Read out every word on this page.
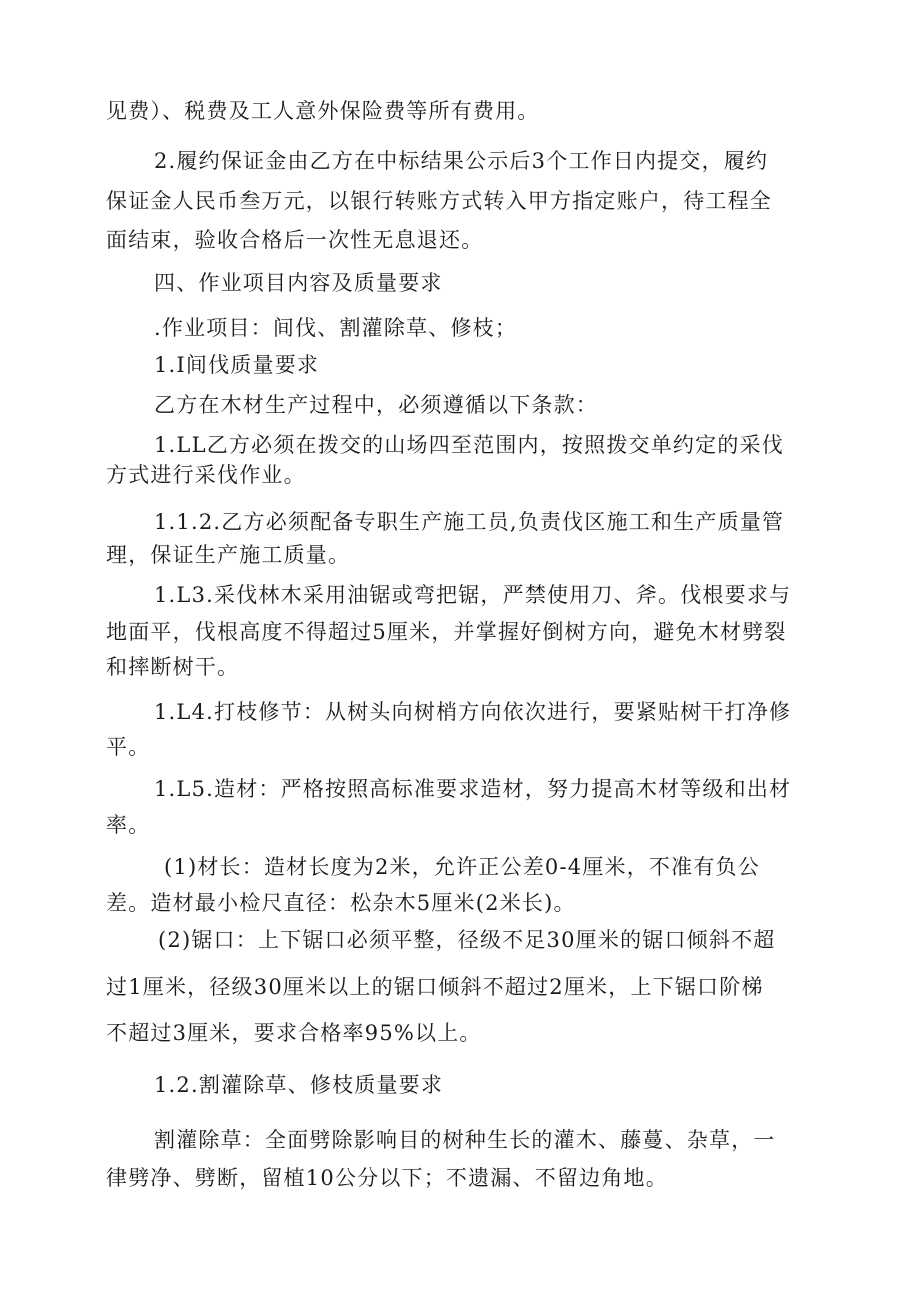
见费）、税费及工人意外保险费等所有费用。
2.履约保证金由乙方在中标结果公示后3个工作日内提交，履约
保证金人民币叁万元，以银行转账方式转入甲方指定账户，待工程全
面结束，验收合格后一次性无息退还。
四、作业项目内容及质量要求
.作业项目：间伐、割灌除草、修枝；
1.Ⅰ间伐质量要求
乙方在木材生产过程中，必须遵循以下条款：
1.LL乙方必须在拨交的山场四至范围内，按照拨交单约定的采伐
方式进行采伐作业。
1.1.2.乙方必须配备专职生产施工员,负责伐区施工和生产质量管
理，保证生产施工质量。
1.L3.采伐林木采用油锯或弯把锯，严禁使用刀、斧。伐根要求与
地面平，伐根高度不得超过5厘米，并掌握好倒树方向，避免木材劈裂
和摔断树干。
1.L4.打枝修节：从树头向树梢方向依次进行，要紧贴树干打净修
平。
1.L5.造材：严格按照高标准要求造材，努力提高木材等级和出材
率。
(1)材长：造材长度为2米，允许正公差0-4厘米，不准有负公
差。造材最小检尺直径：松杂木5厘米(2米长)。
(2)锯口：上下锯口必须平整，径级不足30厘米的锯口倾斜不超
过1厘米，径级30厘米以上的锯口倾斜不超过2厘米，上下锯口阶梯
不超过3厘米，要求合格率95%以上。
1.2.割灌除草、修枝质量要求
割灌除草：全面劈除影响目的树种生长的灌木、藤蔓、杂草，一
律劈净、劈断，留植10公分以下；不遗漏、不留边角地。
